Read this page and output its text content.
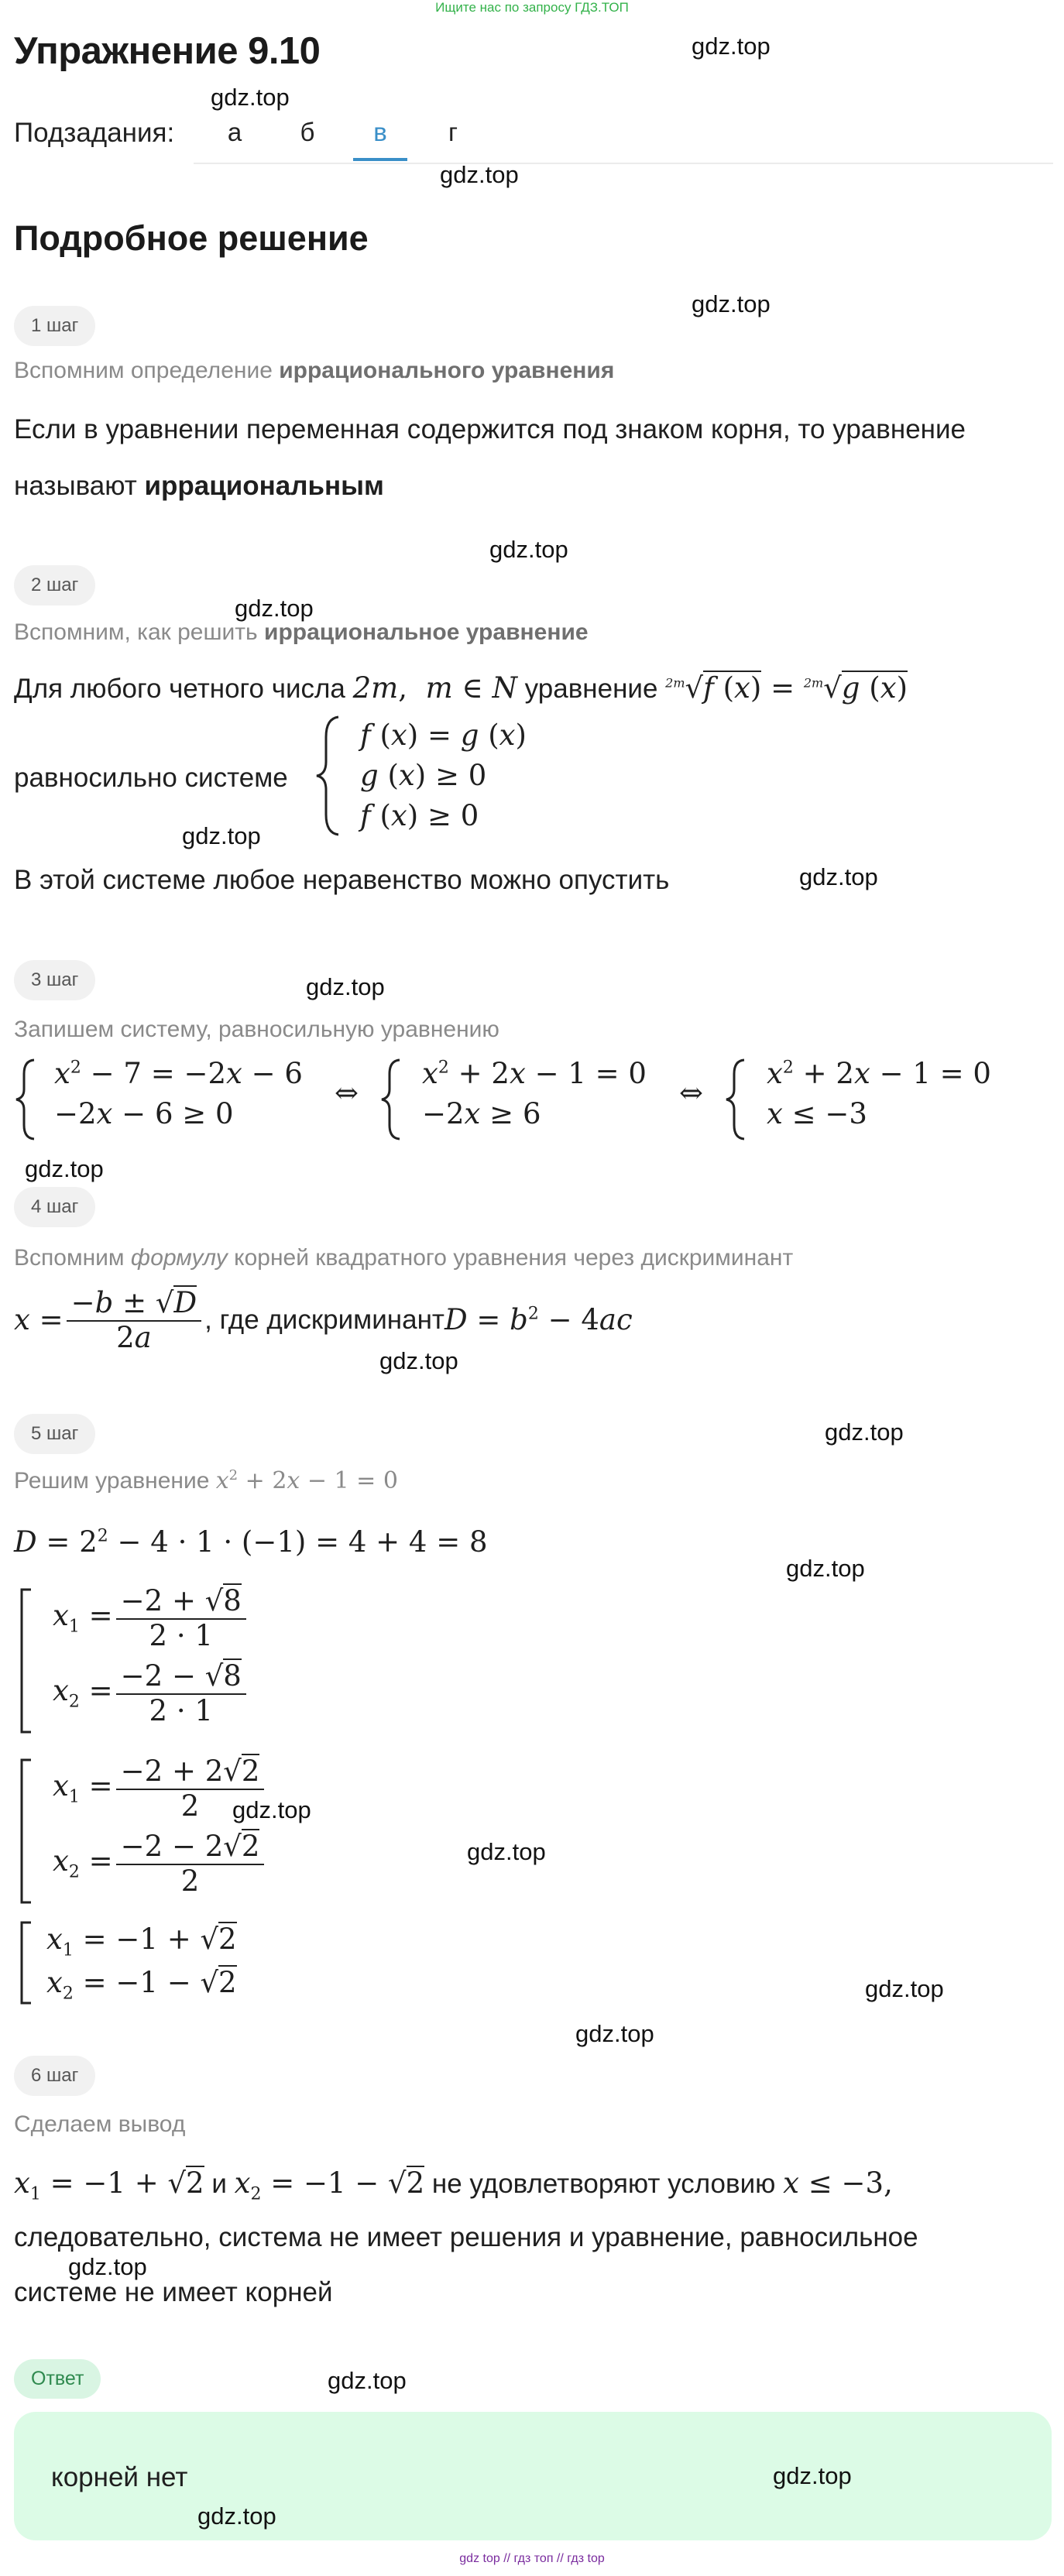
Ищите нас по запросу ГДЗ.ТОП
Упражнение 9.10
Подзадания:	а	б	в	г
Подробное решение
1 шаг
Вспомним определение иррационального уравнения
Если в уравнении переменная содержится под знаком корня, то уравнение
называют иррациональным
2 шаг
Вспомним, как решить иррациональное уравнение
Для любого четного числа 2m,  m ∈ N уравнение $^{2m}$√f (x) = $^{2m}$√g (x)
равносильно системе
f (x) = g (x)
g (x) ≥ 0
f (x) ≥ 0
В этой системе любое неравенство можно опустить
3 шаг
Запишем систему, равносильную уравнению
$x^2 - 7 = -2x - 6$
−2x − 6 ≥ 0
⇔
$x^2 + 2x - 1 = 0$
−2x ≥ 6
⇔
$x^2 + 2x - 1 = 0$
x ≤ −3
4 шаг
Вспомним формулу корней квадратного уравнения через дискриминант
$x = \frac{-b \pm √D}{2a}$ , где дискриминант $D = b^2 - 4ac$
5 шаг
Решим уравнение $x^2 + 2x - 1 = 0$
$D = 2^2 - 4 \cdot 1 \cdot (-1) = 4 + 4 = 8$
$x_1 = \frac{-2 + √8}{2 \cdot 1}$
$x_2 = \frac{-2 - √8}{2 \cdot 1}$
$x_1 = \frac{-2 + 2√2}{2}$
$x_2 = \frac{-2 - 2√2}{2}$
$x_1 = -1 + √2$
$x_2 = -1 - √2$
6 шаг
Сделаем вывод
$x_1 = -1 + √2$ и $x_2 = -1 - √2$ не удовлетворяют условию x ≤ −3,
следовательно, система не имеет решения и уравнение, равносильное
системе не имеет корней
Ответ
корней нет
gdz top // гдз топ // гдз top
gdz.top
gdz.top
gdz.top
gdz.top
gdz.top
gdz.top
gdz.top
gdz.top
gdz.top
gdz.top
gdz.top
gdz.top
gdz.top
gdz.top
gdz.top
gdz.top
gdz.top
gdz.top
gdz.top
gdz.top
gdz.top
